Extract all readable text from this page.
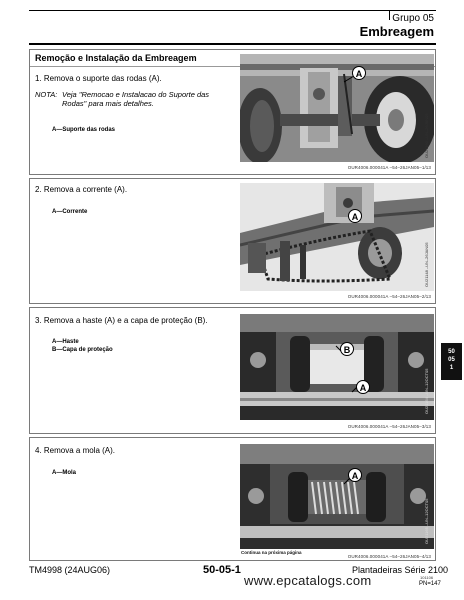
Grupo 05
Embreagem
Remoção e Instalação da Embreagem
1. Remova o suporte das rodas (A).
NOTA: Veja "Remocao e Instalacao do Suporte das Rodas" para mais detalhes.
A—Suporte das rodas
A
OU21160 –UN–26JAN05
OUR4006.000041A –54–26JAN05–1/13
2. Remova a corrente (A).
A—Corrente	A
OU21148 –UN–26JAN05
OUR4006.000041A –54–26JAN05–2/13
3. Remova a haste (A) e a capa de proteção (B).
A—Haste
B—Capa de proteção	B
A	OU21164 –UN–12OCT05
OUR4006.000041A –54–26JAN05–3/13
4. Remova a mola (A).
A—Mola	A
OU21165 –UN–12OCT05
Continua na próxima página
OUR4006.000041A –54–26JAN05–4/13
50
05
1
TM4998 (24AUG06)	50-05-1	Plantadeiras Série 2100
101106
www.epcatalogs.com	PN=147
